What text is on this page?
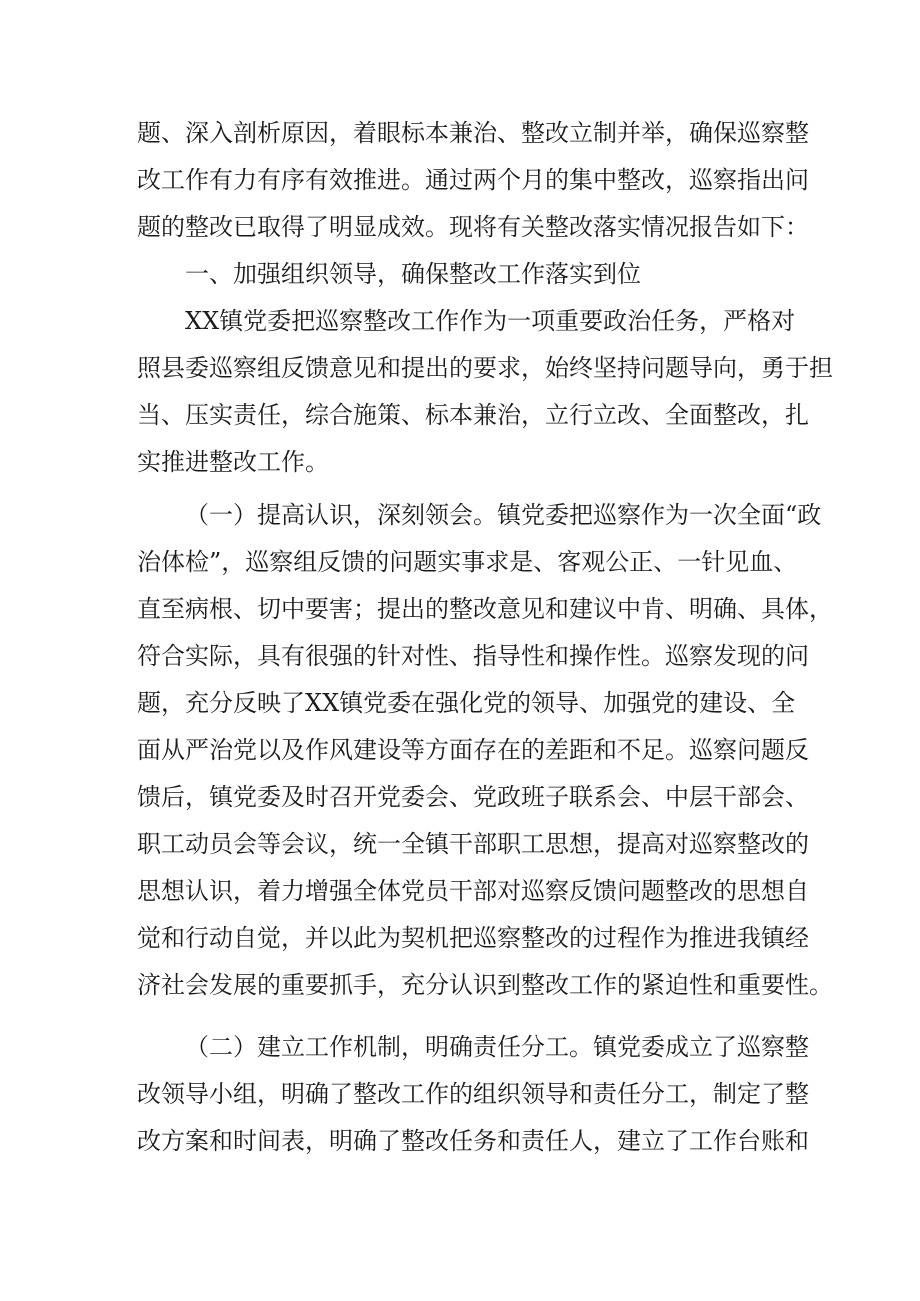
题、深入剖析原因，着眼标本兼治、整改立制并举，确保巡察整
改工作有力有序有效推进。通过两个月的集中整改，巡察指出问
题的整改已取得了明显成效。现将有关整改落实情况报告如下：
一、加强组织领导，确保整改工作落实到位
XX镇党委把巡察整改工作作为一项重要政治任务，严格对
照县委巡察组反馈意见和提出的要求，始终坚持问题导向，勇于担
当、压实责任，综合施策、标本兼治，立行立改、全面整改，扎
实推进整改工作。
（一）提高认识，深刻领会。镇党委把巡察作为一次全面“政
治体检”，巡察组反馈的问题实事求是、客观公正、一针见血、
直至病根、切中要害；提出的整改意见和建议中肯、明确、具体，
符合实际，具有很强的针对性、指导性和操作性。巡察发现的问
题，充分反映了XX镇党委在强化党的领导、加强党的建设、全
面从严治党以及作风建设等方面存在的差距和不足。巡察问题反
馈后，镇党委及时召开党委会、党政班子联系会、中层干部会、
职工动员会等会议，统一全镇干部职工思想，提高对巡察整改的
思想认识，着力增强全体党员干部对巡察反馈问题整改的思想自
觉和行动自觉，并以此为契机把巡察整改的过程作为推进我镇经
济社会发展的重要抓手，充分认识到整改工作的紧迫性和重要性。
（二）建立工作机制，明确责任分工。镇党委成立了巡察整
改领导小组，明确了整改工作的组织领导和责任分工，制定了整
改方案和时间表，明确了整改任务和责任人，建立了工作台账和
